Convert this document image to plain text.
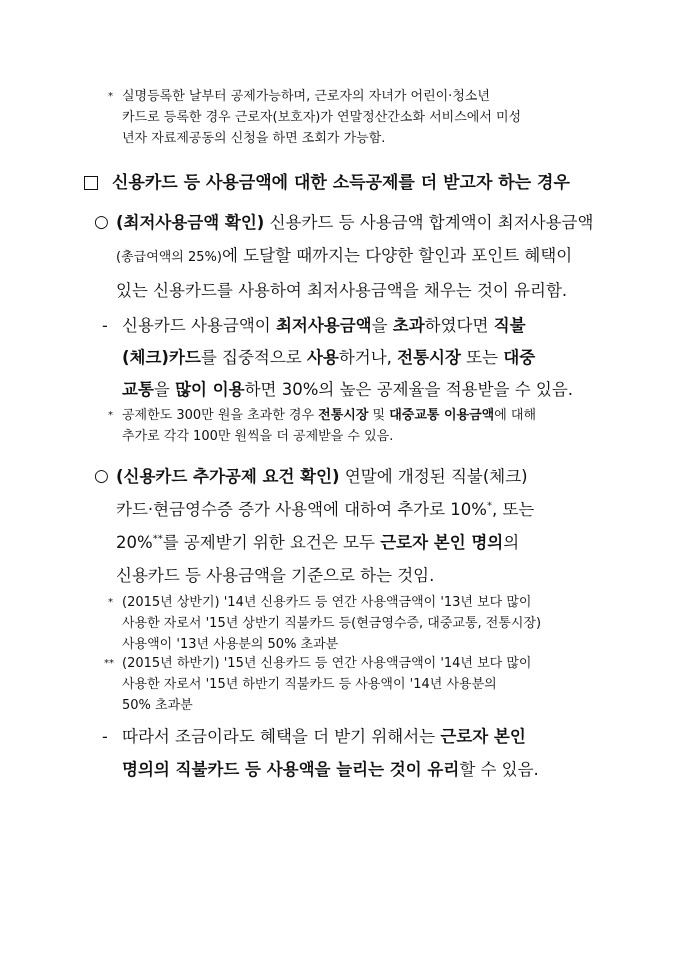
* 실명등록한 날부터 공제가능하며, 근로자의 자녀가 어린이·청소년
카드로 등록한 경우 근로자(보호자)가 연말정산간소화 서비스에서 미성
년자 자료제공동의 신청을 하면 조회가 가능함.
신용카드 등 사용금액에 대한 소득공제를 더 받고자 하는 경우
○ (최저사용금액 확인) 신용카드 등 사용금액 합계액이 최저사용금액
(총급여액의 25%)에 도달할 때까지는 다양한 할인과 포인트 혜택이
있는 신용카드를 사용하여 최저사용금액을 채우는 것이 유리함.
- 신용카드 사용금액이 최저사용금액을 초과하였다면 직불
(체크)카드를 집중적으로 사용하거나, 전통시장 또는 대중
교통을 많이 이용하면 30%의 높은 공제율을 적용받을 수 있음.
* 공제한도 300만 원을 초과한 경우 전통시장 및 대중교통 이용금액에 대해
추가로 각각 100만 원씩을 더 공제받을 수 있음.
○ (신용카드 추가공제 요건 확인) 연말에 개정된 직불(체크)
카드·현금영수증 증가 사용액에 대하여 추가로 10%*, 또는
20%**를 공제받기 위한 요건은 모두 근로자 본인 명의의
신용카드 등 사용금액을 기준으로 하는 것임.
* (2015년 상반기) '14년 신용카드 등 연간 사용액금액이 '13년 보다 많이
사용한 자로서 '15년 상반기 직불카드 등(현금영수증, 대중교통, 전통시장)
사용액이 '13년 사용분의 50% 초과분
** (2015년 하반기) '15년 신용카드 등 연간 사용액금액이 '14년 보다 많이
사용한 자로서 '15년 하반기 직불카드 등 사용액이 '14년 사용분의
50% 초과분
- 따라서 조금이라도 혜택을 더 받기 위해서는 근로자 본인
명의의 직불카드 등 사용액을 늘리는 것이 유리할 수 있음.
